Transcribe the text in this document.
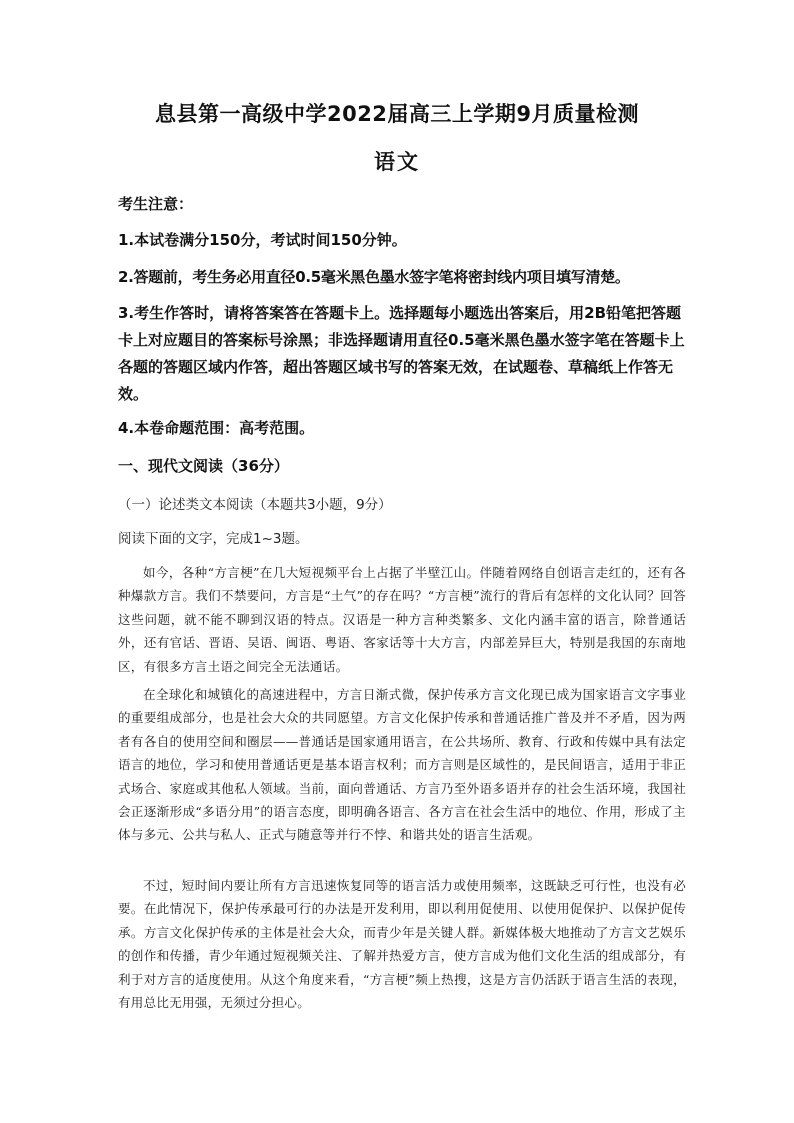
息县第一高级中学2022届高三上学期9月质量检测
语文

考生注意：

1.本试卷满分150分，考试时间150分钟。

2.答题前，考生务必用直径0.5毫米黑色墨水签字笔将密封线内项目填写清楚。

3.考生作答时，请将答案答在答题卡上。选择题每小题选出答案后，用2B铅笔把答题卡上对应题目的答案标号涂黑；非选择题请用直径0.5毫米黑色墨水签字笔在答题卡上各题的答题区域内作答，超出答题区域书写的答案无效，在试题卷、草稿纸上作答无效。

4.本卷命题范围：高考范围。

一、现代文阅读（36分）

（一）论述类文本阅读（本题共3小题，9分）

阅读下面的文字，完成1~3题。

如今，各种“方言梗”在几大短视频平台上占据了半壁江山。伴随着网络自创语言走红的，还有各种爆款方言。我们不禁要问，方言是“土气”的存在吗？“方言梗”流行的背后有怎样的文化认同？回答这些问题，就不能不聊到汉语的特点。汉语是一种方言种类繁多、文化内涵丰富的语言，除普通话外，还有官话、晋语、吴语、闽语、粤语、客家话等十大方言，内部差异巨大，特别是我国的东南地区，有很多方言土语之间完全无法通话。

在全球化和城镇化的高速进程中，方言日渐式微，保护传承方言文化现已成为国家语言文字事业的重要组成部分，也是社会大众的共同愿望。方言文化保护传承和普通话推广普及并不矛盾，因为两者有各自的使用空间和圈层——普通话是国家通用语言，在公共场所、教育、行政和传媒中具有法定语言的地位，学习和使用普通话更是基本语言权利；而方言则是区域性的，是民间语言，适用于非正式场合、家庭或其他私人领域。当前，面向普通话、方言乃至外语多语并存的社会生活环境，我国社会正逐渐形成“多语分用”的语言态度，即明确各语言、各方言在社会生活中的地位、作用，形成了主体与多元、公共与私人、正式与随意等并行不悖、和谐共处的语言生活观。

不过，短时间内要让所有方言迅速恢复同等的语言活力或使用频率，这既缺乏可行性，也没有必要。在此情况下，保护传承最可行的办法是开发利用，即以利用促使用、以使用促保护、以保护促传承。方言文化保护传承的主体是社会大众，而青少年是关键人群。新媒体极大地推动了方言文艺娱乐的创作和传播，青少年通过短视频关注、了解并热爱方言，使方言成为他们文化生活的组成部分，有利于对方言的适度使用。从这个角度来看，“方言梗”频上热搜，这是方言仍活跃于语言生活的表现，有用总比无用强，无须过分担心。
